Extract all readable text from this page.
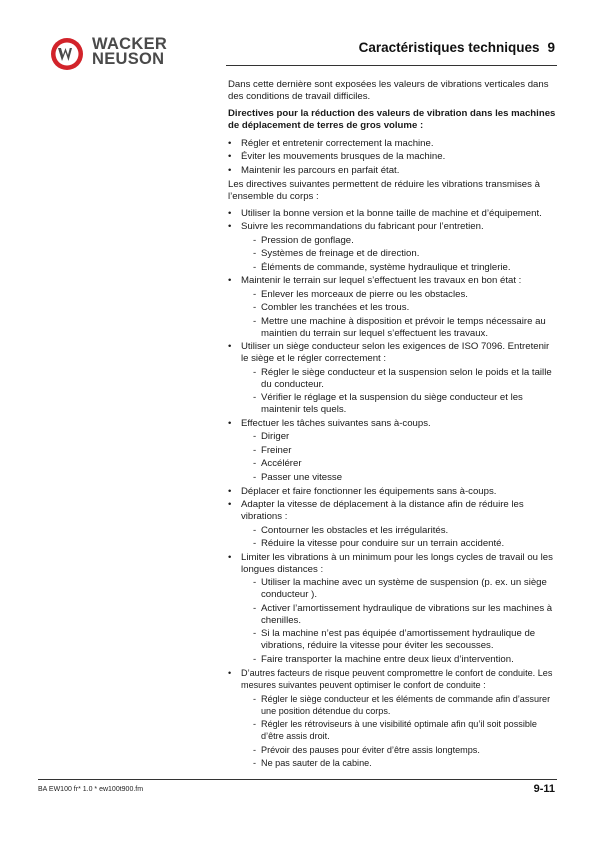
WACKER
NEUSON
Caractéristiques techniques 9

Dans cette dernière sont exposées les valeurs de vibrations verticales dans des conditions de travail difficiles.

Directives pour la réduction des valeurs de vibration dans les machines de déplacement de terres de gros volume :

• Régler et entretenir correctement la machine.
• Éviter les mouvements brusques de la machine.
• Maintenir les parcours en parfait état.

Les directives suivantes permettent de réduire les vibrations transmises à l’ensemble du corps :

• Utiliser la bonne version et la bonne taille de machine et d’équipement.
• Suivre les recommandations du fabricant pour l’entretien.
- Pression de gonflage.
- Systèmes de freinage et de direction.
- Éléments de commande, système hydraulique et tringlerie.
• Maintenir le terrain sur lequel s’effectuent les travaux en bon état :
- Enlever les morceaux de pierre ou les obstacles.
- Combler les tranchées et les trous.
- Mettre une machine à disposition et prévoir le temps nécessaire au maintien du terrain sur lequel s’effectuent les travaux.
• Utiliser un siège conducteur selon les exigences de ISO 7096. Entretenir le siège et le régler correctement :
- Régler le siège conducteur et la suspension selon le poids et la taille du conducteur.
- Vérifier le réglage et la suspension du siège conducteur et les maintenir tels quels.
• Effectuer les tâches suivantes sans à-coups.
- Diriger
- Freiner
- Accélérer
- Passer une vitesse
• Déplacer et faire fonctionner les équipements sans à-coups.
• Adapter la vitesse de déplacement à la distance afin de réduire les vibrations :
- Contourner les obstacles et les irrégularités.
- Réduire la vitesse pour conduire sur un terrain accidenté.
• Limiter les vibrations à un minimum pour les longs cycles de travail ou les longues distances :
- Utiliser la machine avec un système de suspension (p. ex. un siège conducteur ).
- Activer l’amortissement hydraulique de vibrations sur les machines à chenilles.
- Si la machine n’est pas équipée d’amortissement hydraulique de vibrations, réduire la vitesse pour éviter les secousses.
- Faire transporter la machine entre deux lieux d’intervention.
• D’autres facteurs de risque peuvent compromettre le confort de conduite. Les mesures suivantes peuvent optimiser le confort de conduite :
- Régler le siège conducteur et les éléments de commande afin d’assurer une position détendue du corps.
- Régler les rétroviseurs à une visibilité optimale afin qu’il soit possible d’être assis droit.
- Prévoir des pauses pour éviter d’être assis longtemps.
- Ne pas sauter de la cabine.
BA EW100 fr* 1.0 * ew100t900.fm	9-11
